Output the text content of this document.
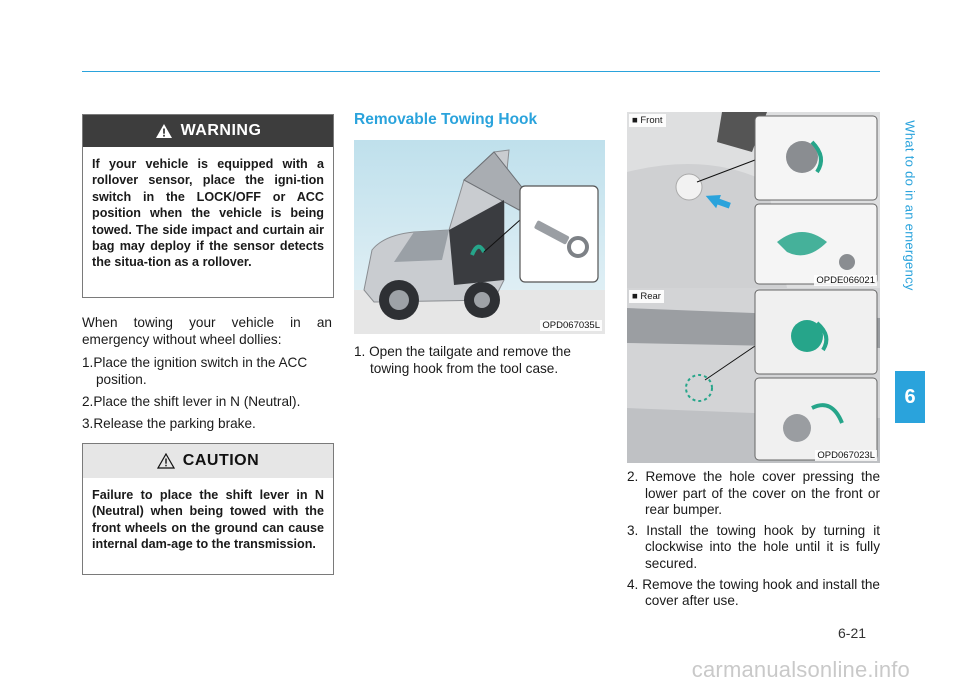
What to do in an emergency
6
WARNING
If your vehicle is equipped with a rollover sensor, place the igni-tion switch in the LOCK/OFF or ACC position when the vehicle is being towed. The side impact and curtain air bag may deploy if the sensor detects the situa-tion as a rollover.

When towing your vehicle in an emergency without wheel dollies:

1.Place the ignition switch in the ACC position.
2.Place the shift lever in N (Neutral).
3.Release the parking brake.
CAUTION
Failure to place the shift lever in N (Neutral) when being towed with the front wheels on the ground can cause internal dam-age to the transmission.
Removable Towing Hook
OPD067035L
1. Open the tailgate and remove the towing hook from the tool case.
■ Front
OPDE066021
■ Rear
OPD067023L
2. Remove the hole cover pressing the lower part of the cover on the front or rear bumper.
3. Install the towing hook by turning it clockwise into the hole until it is fully secured.
4. Remove the towing hook and install the cover after use.
6-21
carmanualsonline.info
